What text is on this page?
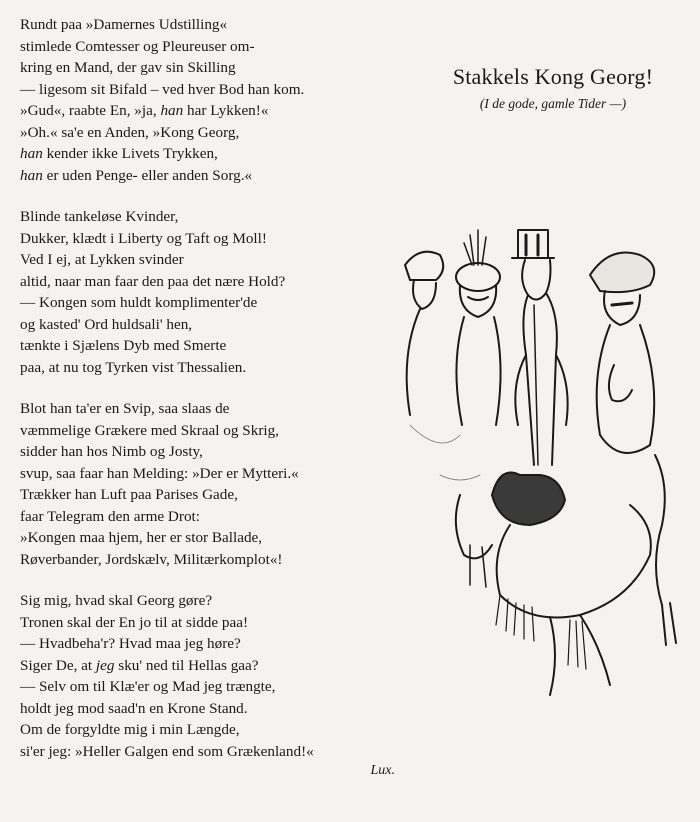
Rundt paa »Damernes Udstilling«
stimlede Comtesser og Pleureuser om-
kring en Mand, der gav sin Skilling
— ligesom sit Bifald – ved hver Bod han kom.
»Gud«, raabte En, »ja, han har Lykken!«
»Oh.« sa'e en Anden, »Kong Georg,
han kender ikke Livets Trykken,
han er uden Penge- eller anden Sorg.«
Blinde tankeløse Kvinder,
Dukker, klædt i Liberty og Taft og Moll!
Ved I ej, at Lykken svinder
altid, naar man faar den paa det nære Hold?
— Kongen som huldt komplimenter'de
og kasted' Ord huldsali' hen,
tænkte i Sjælens Dyb med Smerte
paa, at nu tog Tyrken vist Thessalien.
Blot han ta'er en Svip, saa slaas de
væmmelige Grækere med Skraal og Skrig,
sidder han hos Nimb og Josty,
svup, saa faar han Melding: »Der er Mytteri.«
Trækker han Luft paa Parises Gade,
faar Telegram den arme Drot:
»Kongen maa hjem, her er stor Ballade,
Røverbander, Jordskælv, Militærkomplot«!
Sig mig, hvad skal Georg gøre?
Tronen skal der En jo til at sidde paa!
— Hvadbeha'r? Hvad maa jeg høre?
Siger De, at jeg sku' ned til Hellas gaa?
— Selv om til Klæ'er og Mad jeg trængte,
holdt jeg mod saad'n en Krone Stand.
Om de forgyldte mig i min Længde,
si'er jeg: »Heller Galgen end som Grækenland!«
Lux.
Stakkels Kong Georg!
(I de gode, gamle Tider —)
